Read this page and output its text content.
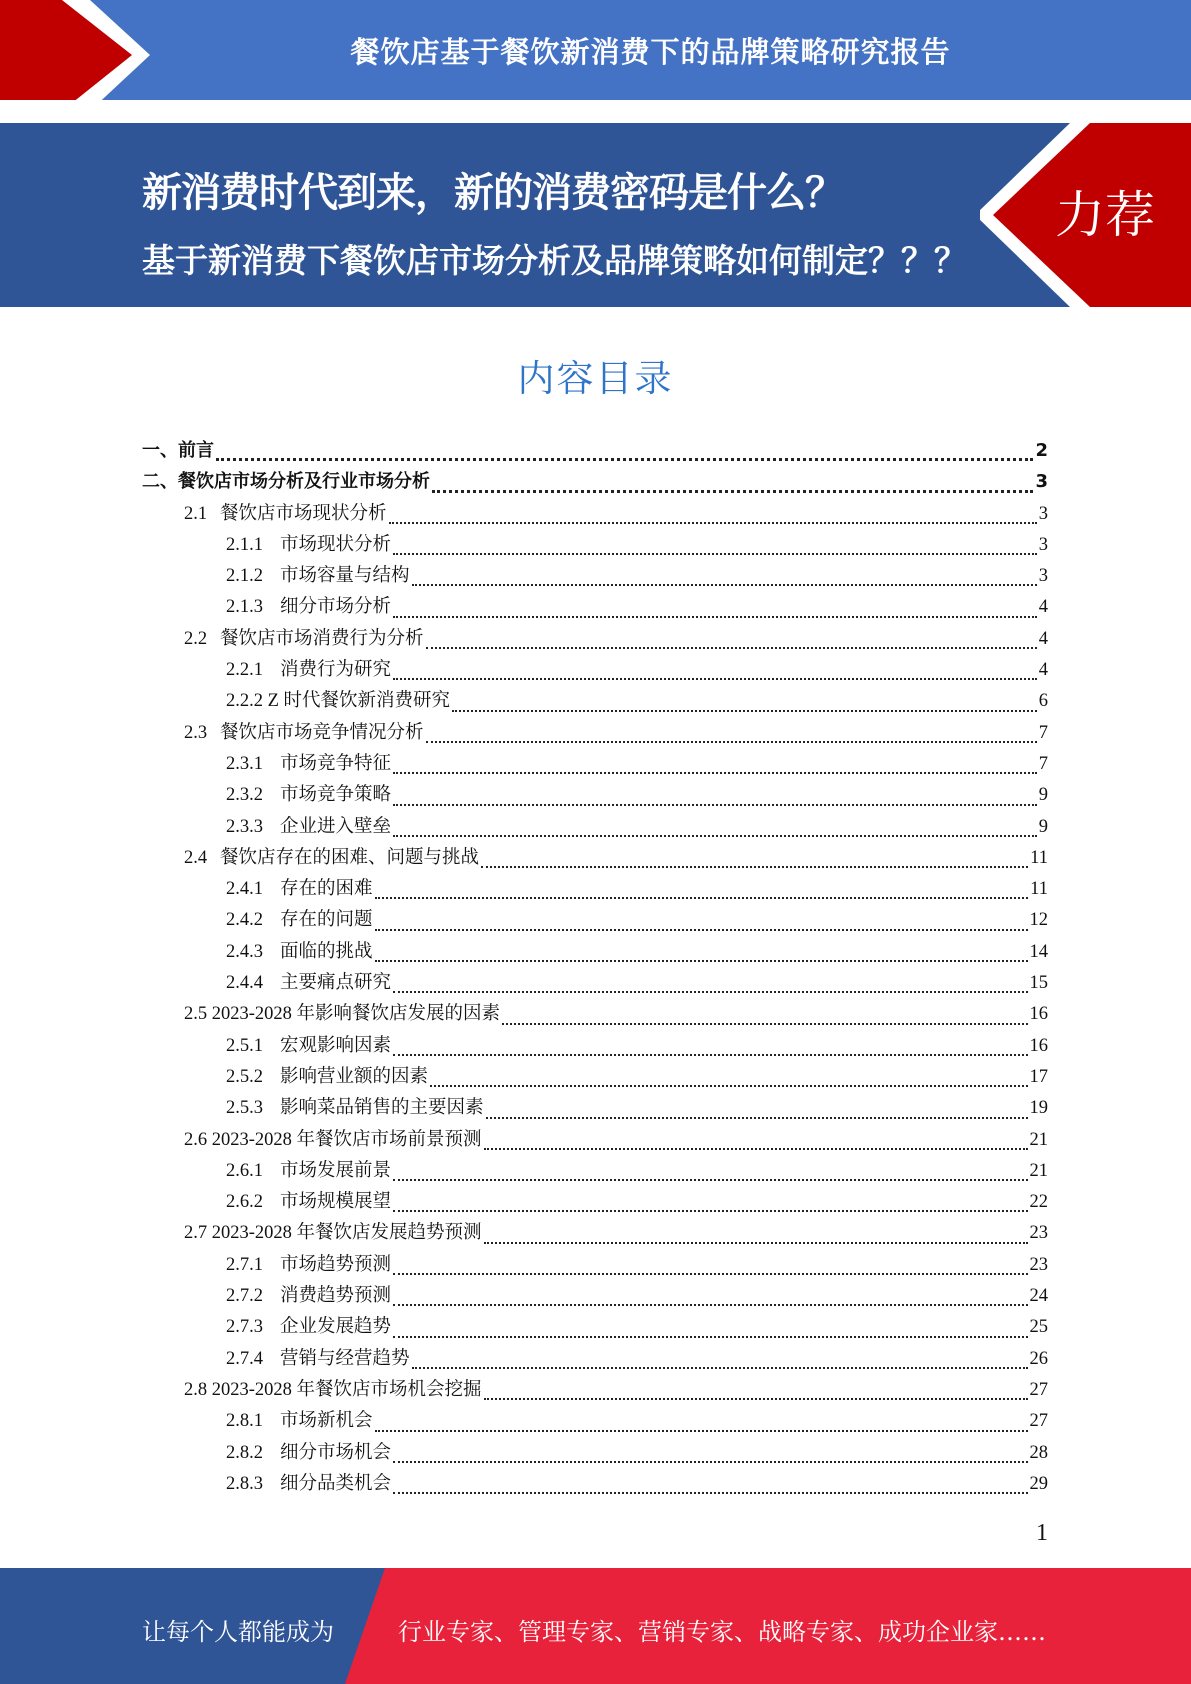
餐饮店基于餐饮新消费下的品牌策略研究报告
新消费时代到来，新的消费密码是什么？
基于新消费下餐饮店市场分析及品牌策略如何制定？？？
力荐
内容目录
一、前言	2
二、餐饮店市场分析及行业市场分析	3
2.1 餐饮店市场现状分析	3
2.1.1 市场现状分析	3
2.1.2 市场容量与结构	3
2.1.3 细分市场分析	4
2.2 餐饮店市场消费行为分析	4
2.2.1 消费行为研究	4
2.2.2 Z 时代餐饮新消费研究	6
2.3 餐饮店市场竞争情况分析	7
2.3.1 市场竞争特征	7
2.3.2 市场竞争策略	9
2.3.3 企业进入壁垒	9
2.4 餐饮店存在的困难、问题与挑战	11
2.4.1 存在的困难	11
2.4.2 存在的问题	12
2.4.3 面临的挑战	14
2.4.4 主要痛点研究	15
2.5 2023-2028 年影响餐饮店发展的因素	16
2.5.1 宏观影响因素	16
2.5.2 影响营业额的因素	17
2.5.3 影响菜品销售的主要因素	19
2.6 2023-2028 年餐饮店市场前景预测	21
2.6.1 市场发展前景	21
2.6.2 市场规模展望	22
2.7 2023-2028 年餐饮店发展趋势预测	23
2.7.1 市场趋势预测	23
2.7.2 消费趋势预测	24
2.7.3 企业发展趋势	25
2.7.4 营销与经营趋势	26
2.8 2023-2028 年餐饮店市场机会挖掘	27
2.8.1 市场新机会	27
2.8.2 细分市场机会	28
2.8.3 细分品类机会	29
1
让每个人都能成为	行业专家、管理专家、营销专家、战略专家、成功企业家……
